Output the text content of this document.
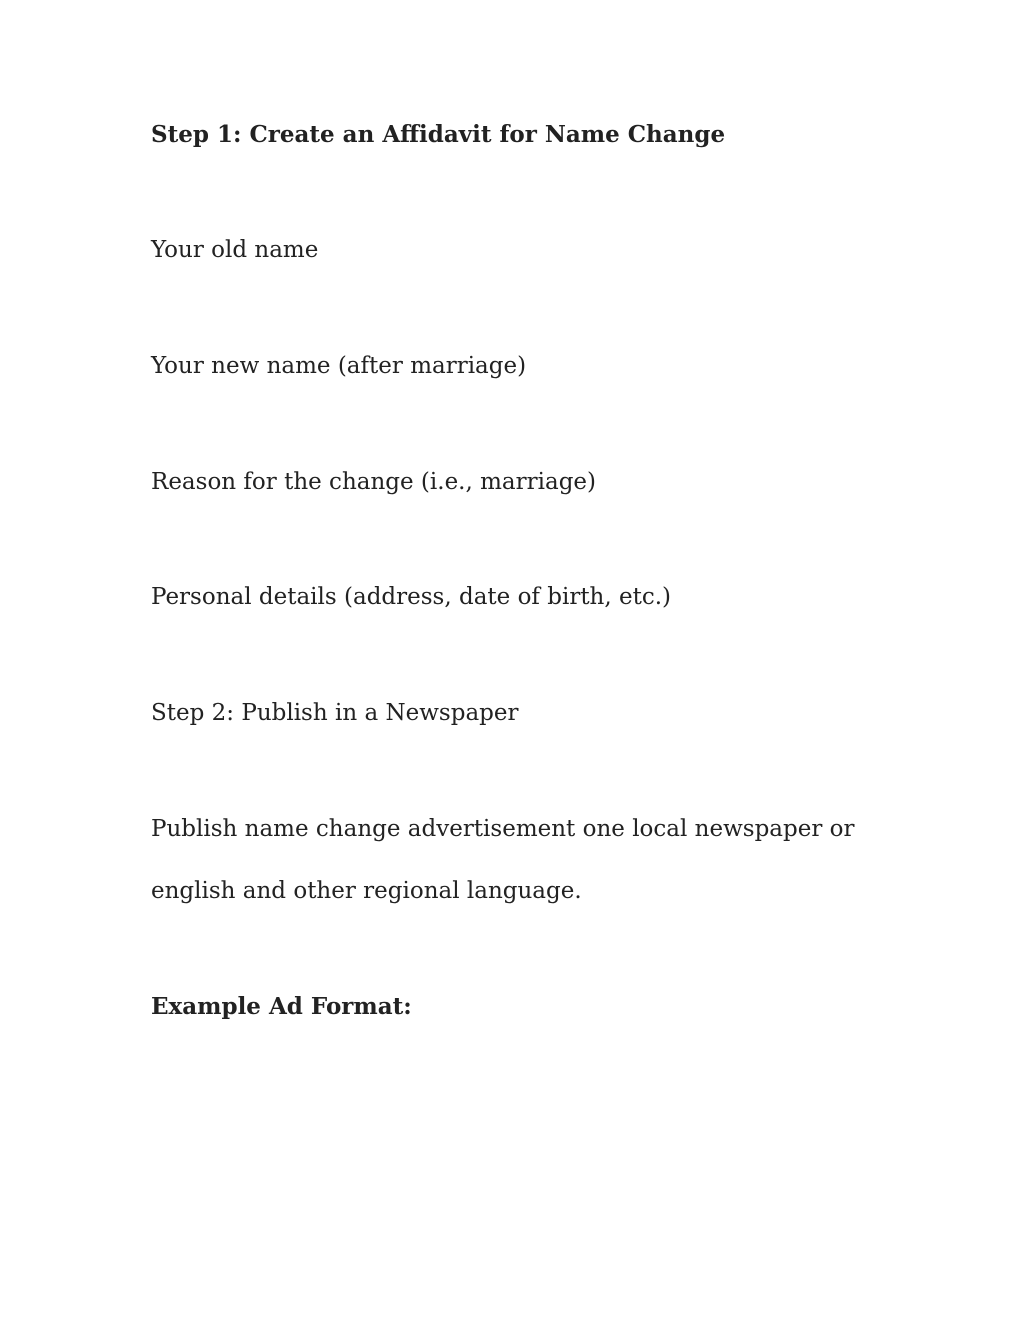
Step 1: Create an Affidavit for Name Change

Your old name

Your new name (after marriage)

Reason for the change (i.e., marriage)

Personal details (address, date of birth, etc.)

Step 2: Publish in a Newspaper

Publish name change advertisement one local newspaper or

english and other regional language.

Example Ad Format:
